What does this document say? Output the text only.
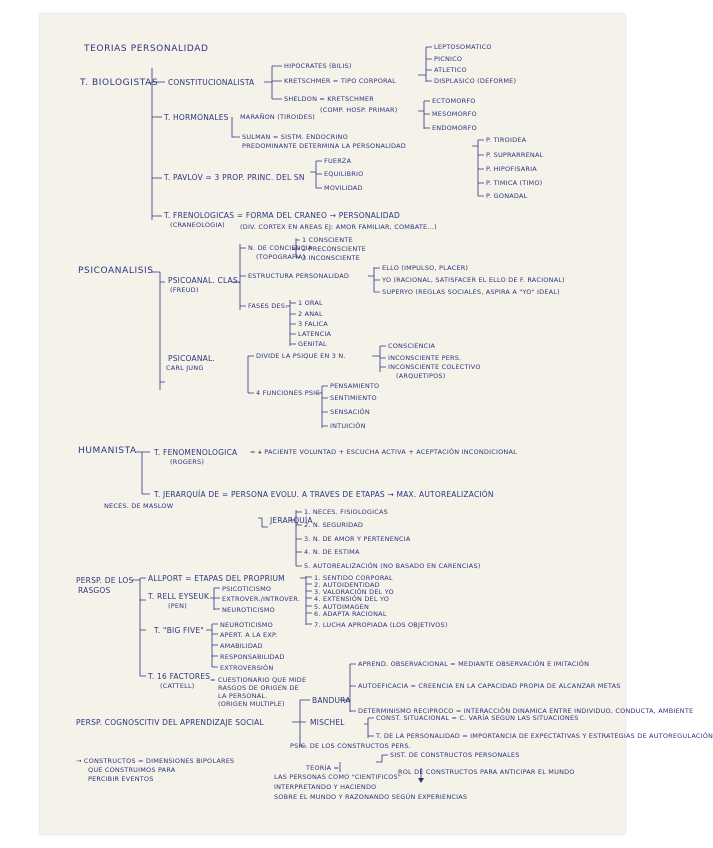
TEORIAS PERSONALIDAD
T. BIOLOGISTAS CONSTITUCIONALISTA
HIPOCRATES (BILIS)
KRETSCHMER = TIPO CORPORAL
LEPTOSOMATICO
PICNICO
ATLETICO
DISPLASICO (DEFORME)
SHELDON = KRETSCHMER
(COMP. HOSP. PRIMAR)
ECTOMORFO
MESOMORFO
ENDOMORFO
T. HORMONALES MARAÑON (TIROIDES)
SULMAN = SISTM. ENDOCRINO
PREDOMINANTE DETERMINA LA PERSONALIDAD
P. TIROIDEA
P. SUPRARRENAL
P. HIPOFISARIA
P. TIMICA (TIMO)
P. GONADAL
T. PAVLOV = 3 PROP. PRINC. DEL SN
FUERZA
EQUILIBRIO
MOVILIDAD
T. FRENOLOGICAS = FORMA DEL CRANEO → PERSONALIDAD
(CRANEOLOGIA) (DIV. CORTEX EN AREAS EJ: AMOR FAMILIAR, COMBATE...)
PSICOANALISIS
PSICOANAL. CLAS.
(FREUD)
N. DE CONCIENCIA
(TOPOGRAFIA)
1 CONSCIENTE
2 PRECONSCIENTE
3 INCONSCIENTE
ESTRUCTURA PERSONALIDAD
ELLO (IMPULSO, PLACER)
YO (RACIONAL, SATISFACER EL ELLO DE F. RACIONAL)
SUPERYO (REGLAS SOCIALES, ASPIRA A "YO" IDEAL)
FASES DES. 1 ORAL
2 ANAL
3 FALICA
LATENCIA
GENITAL
PSICOANAL.
CARL JUNG
DIVIDE LA PSIQUE EN 3 N.
CONSCIENCIA
INCONSCIENTE PERS.
INCONSCIENTE COLECTIVO
(ARQUETIPOS)
4 FUNCIONES PSIC
PENSAMIENTO
SENTIMIENTO
SENSACIÓN
INTUICIÓN
HUMANISTA T. FENOMENOLOGICA
(ROGERS)
= ⚹ PACIENTE VOLUNTAD + ESCUCHA ACTIVA + ACEPTACIÓN INCONDICIONAL
T. JERARQUÍA DE = PERSONA EVOLU. A TRAVES DE ETAPAS → MAX. AUTOREALIZACIÓN
NECES. DE MASLOW
JERARQUÍA
1. NECES. FISIOLOGICAS
2. N. SEGURIDAD
3. N. DE AMOR Y PERTENENCIA
4. N. DE ESTIMA
5. AUTOREALIZACIÓN (NO BASADO EN CARENCIAS)
PERSP. DE LOS
RASGOS
ALLPORT = ETAPAS DEL PROPRIUM	1. SENTIDO CORPORAL
2. AUTOIDENTIDAD
3. VALORACIÓN DEL YO
4. EXTENSIÓN DEL YO
5. AUTOIMAGEN
6. ADAPTA RACIONAL
7. LUCHA APROPIADA (LOS OBJETIVOS)
T. RELL EYSEUK
(PEN)
PSICOTICISMO
EXTROVER./INTROVER.
NEUROTICISMO
T. "BIG FIVE"
NEUROTICISMO
APERT. A LA EXP.
AMABILIDAD
RESPONSABILIDAD
EXTROVERSIÓN
T. 16 FACTORES
(CATTELL)
= CUESTIONARIO QUE MIDE
RASGOS DE ORIGEN DE
LA PERSONAL.
(ORIGEN MULTIPLE)
PERSP. COGNOSCITIV DEL APRENDIZAJE SOCIAL
BANDURA
APREND. OBSERVACIONAL = MEDIANTE OBSERVACIÓN E IMITACIÓN
AUTOEFICACIA = CREENCIA EN LA CAPACIDAD PROPIA DE ALCANZAR METAS
DETERMINISMO RECIPROCO = INTERACCIÓN DINAMICA ENTRE INDIVIDUO, CONDUCTA, AMBIENTE
MISCHEL	CONST. SITUACIONAL = C. VARÍA SEGÚN LAS SITUACIONES
T. DE LA PERSONALIDAD = IMPORTANCIA DE EXPECTATIVAS Y ESTRATEGIAS DE AUTOREGULACIÓN
PSIC. DE LOS CONSTRUCTOS PERS.
SIST. DE CONSTRUCTOS PERSONALES
TEORÍA =
LAS PERSONAS COMO "CIENTIFICOS"
INTERPRETANDO Y HACIENDO
SOBRE EL MUNDO Y RAZONANDO SEGÚN EXPERIENCIAS
ROL DE CONSTRUCTOS PARA ANTICIPAR EL MUNDO
→ CONSTRUCTOS = DIMENSIONES BIPOLARES
QUE CONSTRUIMOS PARA
PERCIBIR EVENTOS
